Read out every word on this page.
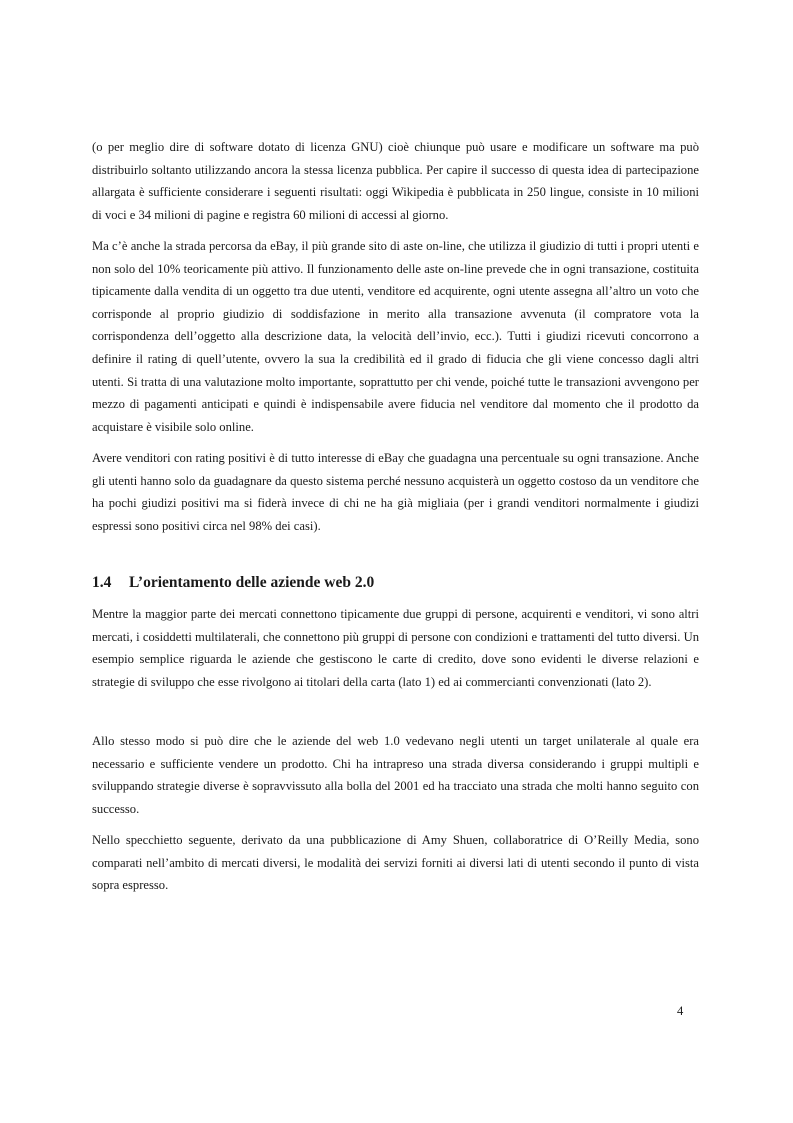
(o per meglio dire di software dotato di licenza GNU) cioè chiunque può usare e modificare un software ma può distribuirlo soltanto utilizzando ancora la stessa licenza pubblica. Per capire il successo di questa idea di partecipazione allargata è sufficiente considerare i seguenti risultati: oggi Wikipedia è pubblicata in 250 lingue, consiste in 10 milioni di voci e 34 milioni di pagine e registra 60 milioni di accessi al giorno.

Ma c’è anche la strada percorsa da eBay, il più grande sito di aste on-line, che utilizza il giudizio di tutti i propri utenti e non solo del 10% teoricamente più attivo. Il funzionamento delle aste on-line prevede che in ogni transazione, costituita tipicamente dalla vendita di un oggetto tra due utenti, venditore ed acquirente, ogni utente assegna all’altro un voto che corrisponde al proprio giudizio di soddisfazione in merito alla transazione avvenuta (il compratore vota la corrispondenza dell’oggetto alla descrizione data, la velocità dell’invio, ecc.). Tutti i giudizi ricevuti concorrono a definire il rating di quell’utente, ovvero la sua la credibilità ed il grado di fiducia che gli viene concesso dagli altri utenti. Si tratta di una valutazione molto importante, soprattutto per chi vende, poiché tutte le transazioni avvengono per mezzo di pagamenti anticipati e quindi è indispensabile avere fiducia nel venditore dal momento che il prodotto da acquistare è visibile solo online.

Avere venditori con rating positivi è di tutto interesse di eBay che guadagna una percentuale su ogni transazione. Anche gli utenti hanno solo da guadagnare da questo sistema perché nessuno acquisterà un oggetto costoso da un venditore che ha pochi giudizi positivi ma si fiderà invece di chi ne ha già migliaia (per i grandi venditori normalmente i giudizi espressi sono positivi circa nel 98% dei casi).

1.4 L’orientamento delle aziende web 2.0

Mentre la maggior parte dei mercati connettono tipicamente due gruppi di persone, acquirenti e venditori, vi sono altri mercati, i cosiddetti multilaterali, che connettono più gruppi di persone con condizioni e trattamenti del tutto diversi. Un esempio semplice riguarda le aziende che gestiscono le carte di credito, dove sono evidenti le diverse relazioni e strategie di sviluppo che esse rivolgono ai titolari della carta (lato 1) ed ai commercianti convenzionati (lato 2).

Allo stesso modo si può dire che le aziende del web 1.0 vedevano negli utenti un target unilaterale al quale era necessario e sufficiente vendere un prodotto. Chi ha intrapreso una strada diversa considerando i gruppi multipli e sviluppando strategie diverse è sopravvissuto alla bolla del 2001 ed ha tracciato una strada che molti hanno seguito con successo.

Nello specchietto seguente, derivato da una pubblicazione di Amy Shuen, collaboratrice di O’Reilly Media, sono comparati nell’ambito di mercati diversi, le modalità dei servizi forniti ai diversi lati di utenti secondo il punto di vista sopra espresso.

4
